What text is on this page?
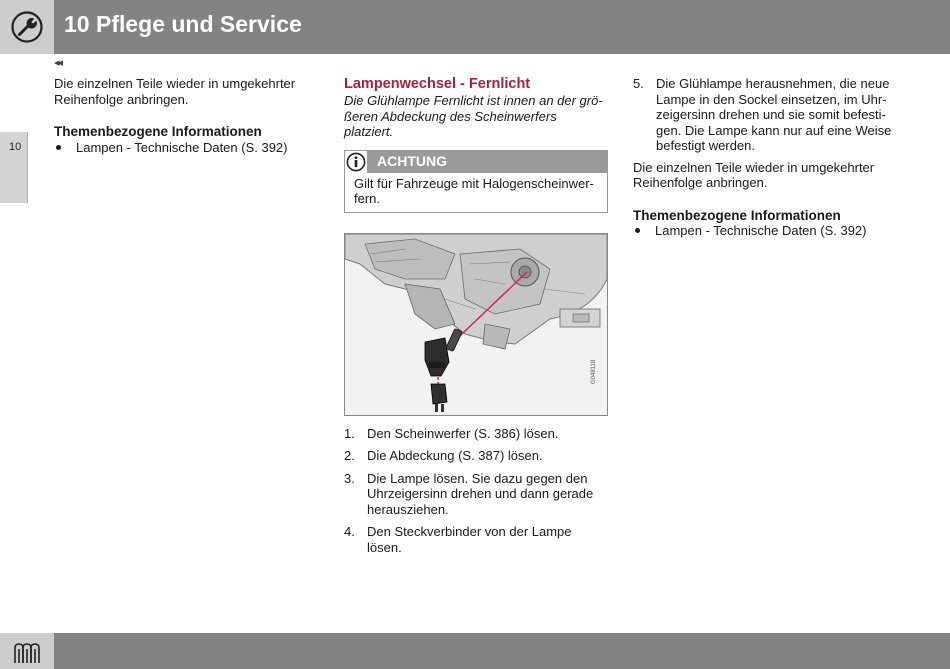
10 Pflege und Service
10
◂◂

Die einzelnen Teile wieder in umgekehrter Reihenfolge anbringen.

Themenbezogene Informationen

Lampen - Technische Daten (S. 392)

Lampenwechsel - Fernlicht

Die Glühlampe Fernlicht ist innen an der grö-ßeren Abdeckung des Scheinwerfers platziert.

ACHTUNG
Gilt für Fahrzeuge mit Halogenscheinwer-fern.
G048118
1. Den Scheinwerfer (S. 386) lösen.
2. Die Abdeckung (S. 387) lösen.
3. Die Lampe lösen. Sie dazu gegen den Uhrzeigersinn drehen und dann gerade herausziehen.
4. Den Steckverbinder von der Lampe lösen.
5. Die Glühlampe herausnehmen, die neue Lampe in den Sockel einsetzen, im Uhr-zeigersinn drehen und sie somit befesti-gen. Die Lampe kann nur auf eine Weise befestigt werden.

Die einzelnen Teile wieder in umgekehrter Reihenfolge anbringen.

Themenbezogene Informationen

Lampen - Technische Daten (S. 392)
